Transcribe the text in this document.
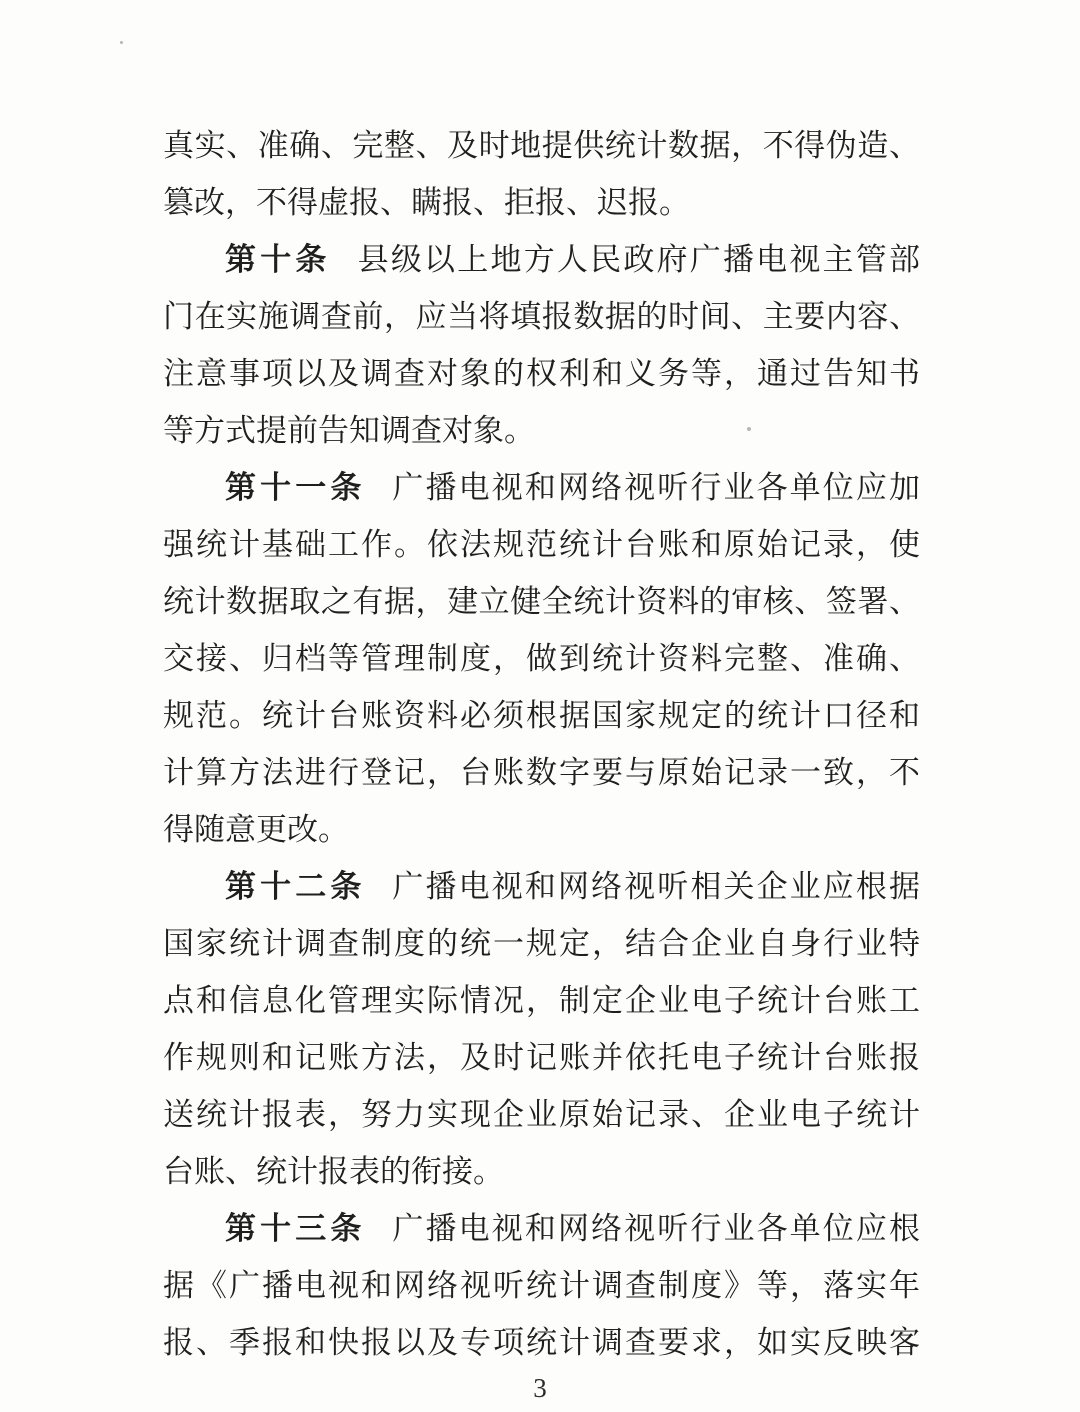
真实、准确、完整、及时地提供统计数据，不得伪造、
篡改，不得虚报、瞒报、拒报、迟报。
第十条 县级以上地方人民政府广播电视主管部
门在实施调查前，应当将填报数据的时间、主要内容、
注意事项以及调查对象的权利和义务等，通过告知书
等方式提前告知调查对象。
第十一条 广播电视和网络视听行业各单位应加
强统计基础工作。依法规范统计台账和原始记录，使
统计数据取之有据，建立健全统计资料的审核、签署、
交接、归档等管理制度，做到统计资料完整、准确、
规范。统计台账资料必须根据国家规定的统计口径和
计算方法进行登记，台账数字要与原始记录一致，不
得随意更改。
第十二条 广播电视和网络视听相关企业应根据
国家统计调查制度的统一规定，结合企业自身行业特
点和信息化管理实际情况，制定企业电子统计台账工
作规则和记账方法，及时记账并依托电子统计台账报
送统计报表，努力实现企业原始记录、企业电子统计
台账、统计报表的衔接。
第十三条 广播电视和网络视听行业各单位应根
据《广播电视和网络视听统计调查制度》等，落实年
报、季报和快报以及专项统计调查要求，如实反映客
3
